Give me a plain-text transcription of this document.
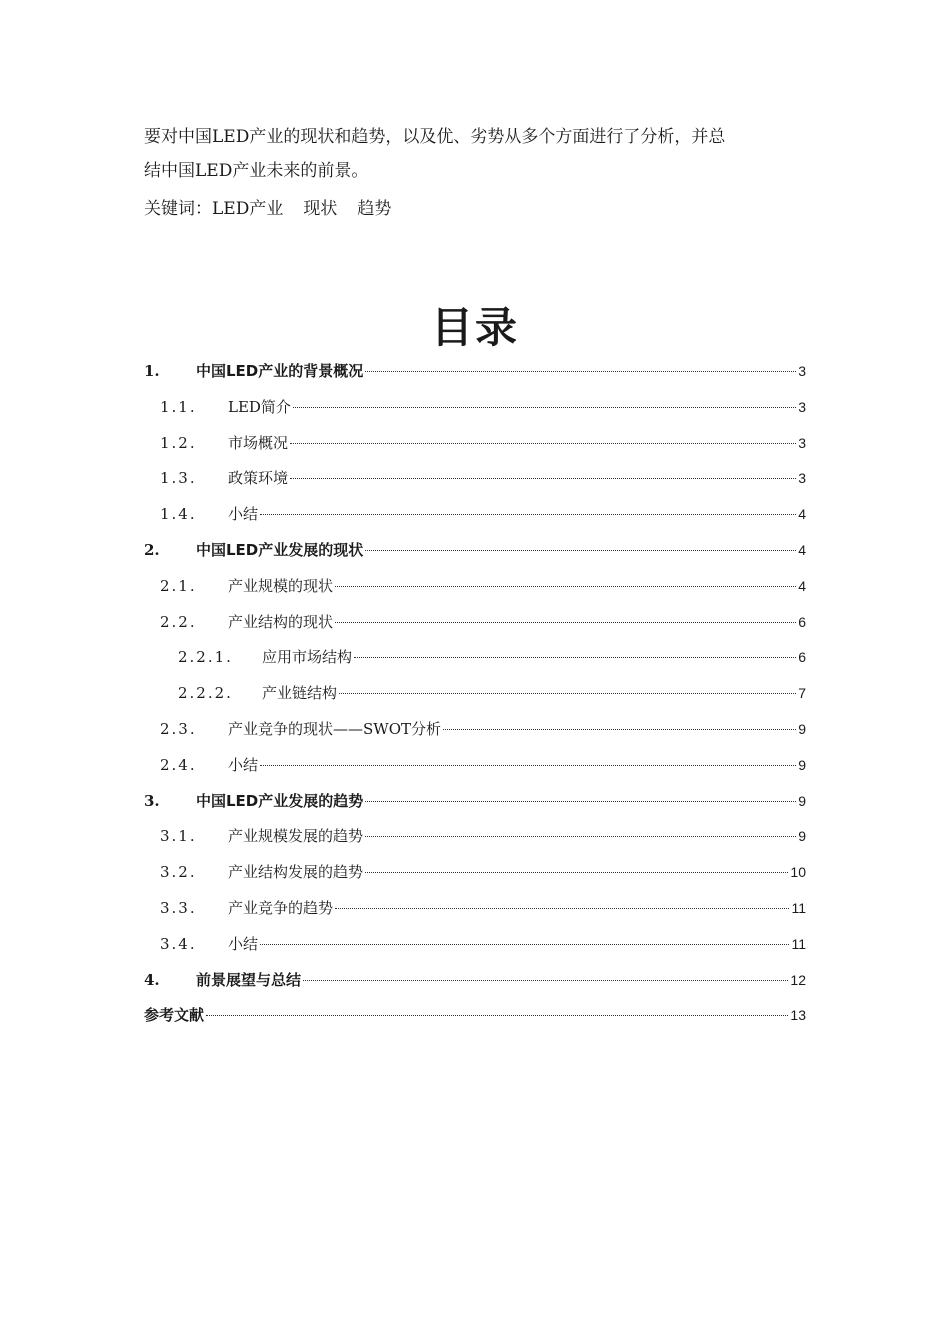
要对中国LED产业的现状和趋势，以及优、劣势从多个方面进行了分析，并总

结中国LED产业未来的前景。

关键词：LED产业 现状 趋势
目录
1.	中国LED产业的背景概况	3
1.1.	LED简介	3
1.2.	市场概况	3
1.3.	政策环境	3
1.4.	小结	4
2.	中国LED产业发展的现状	4
2.1.	产业规模的现状	4
2.2.	产业结构的现状	6
2.2.1.	应用市场结构	6
2.2.2.	产业链结构	7
2.3.	产业竞争的现状——SWOT分析	9
2.4.	小结	9
3.	中国LED产业发展的趋势	9
3.1.	产业规模发展的趋势	9
3.2.	产业结构发展的趋势	10
3.3.	产业竞争的趋势	11
3.4.	小结	11
4.	前景展望与总结	12
参考文献	13
